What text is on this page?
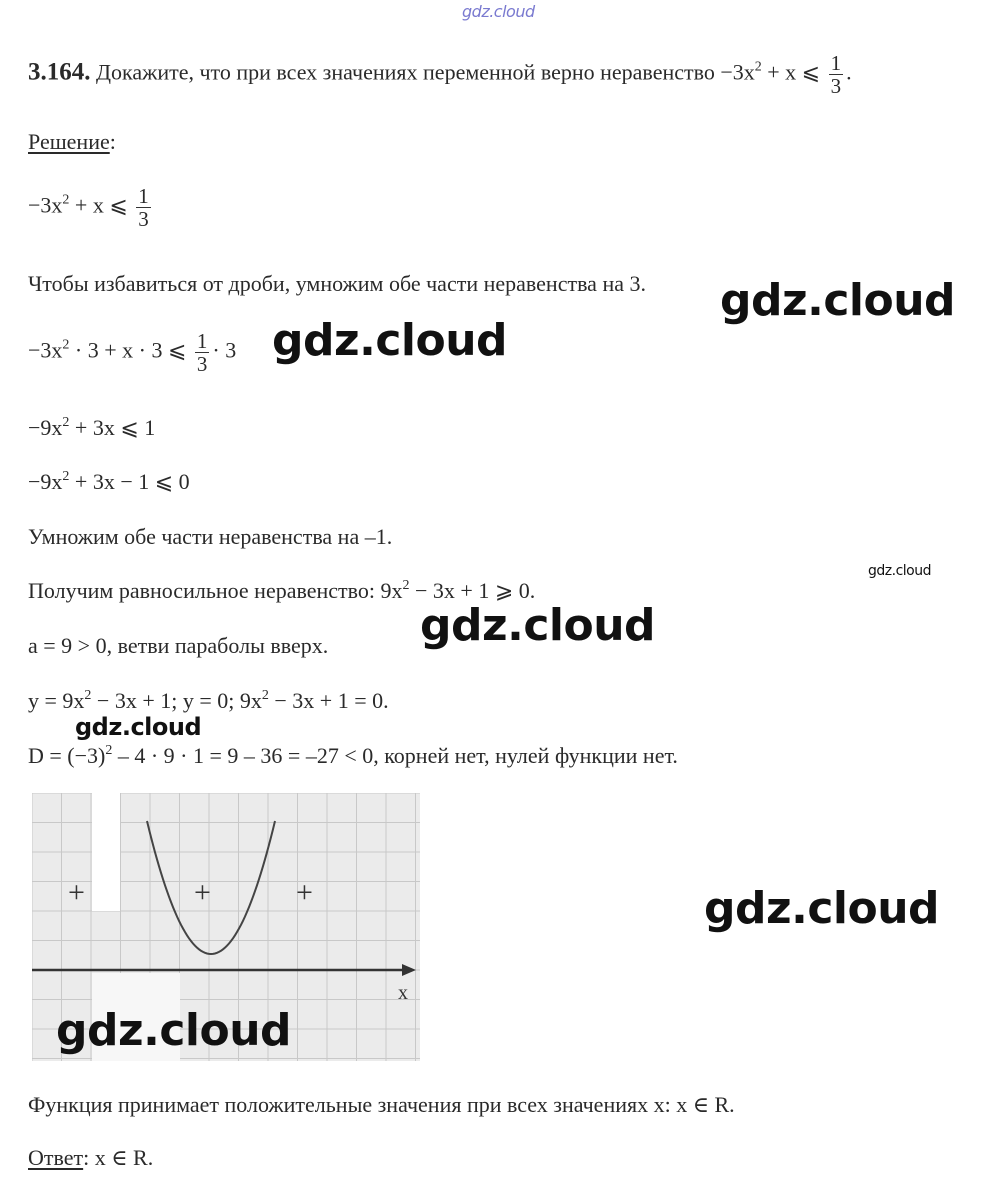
gdz.cloud
3.164. Докажите, что при всех значениях переменной верно неравенство $-3x^2 + x$ ⩽ $\frac{1}{3}$ .
Решение:
$-3x^2 + x$ ⩽ $\frac{1}{3}$
Чтобы избавиться от дроби, умножим обе части неравенства на 3.
$-3x^2 \cdot 3 + x \cdot 3$ ⩽ $\frac{1}{3} \cdot 3$
$-9x^2 + 3x$ ⩽ 1
$-9x^2 + 3x - 1$ ⩽ 0
Умножим обе части неравенства на –1.
Получим равносильное неравенство: $9x^2 - 3x + 1$ ⩾ 0.
a = 9 > 0, ветви параболы вверх.
$y = 9x^2 - 3x + 1$; y = 0; $9x^2 - 3x + 1 = 0$.
$D = (-3)^2 - 4 \cdot 9 \cdot 1 = 9 - 36 = -27 < 0$, корней нет, нулей функции нет.
x
+	+	+
Функция принимает положительные значения при всех значениях x: x ∈ R.
Ответ: x ∈ R.
gdz.cloud
gdz.cloud
gdz.cloud
gdz.cloud
gdz.cloud
gdz.cloud
gdz.cloud
